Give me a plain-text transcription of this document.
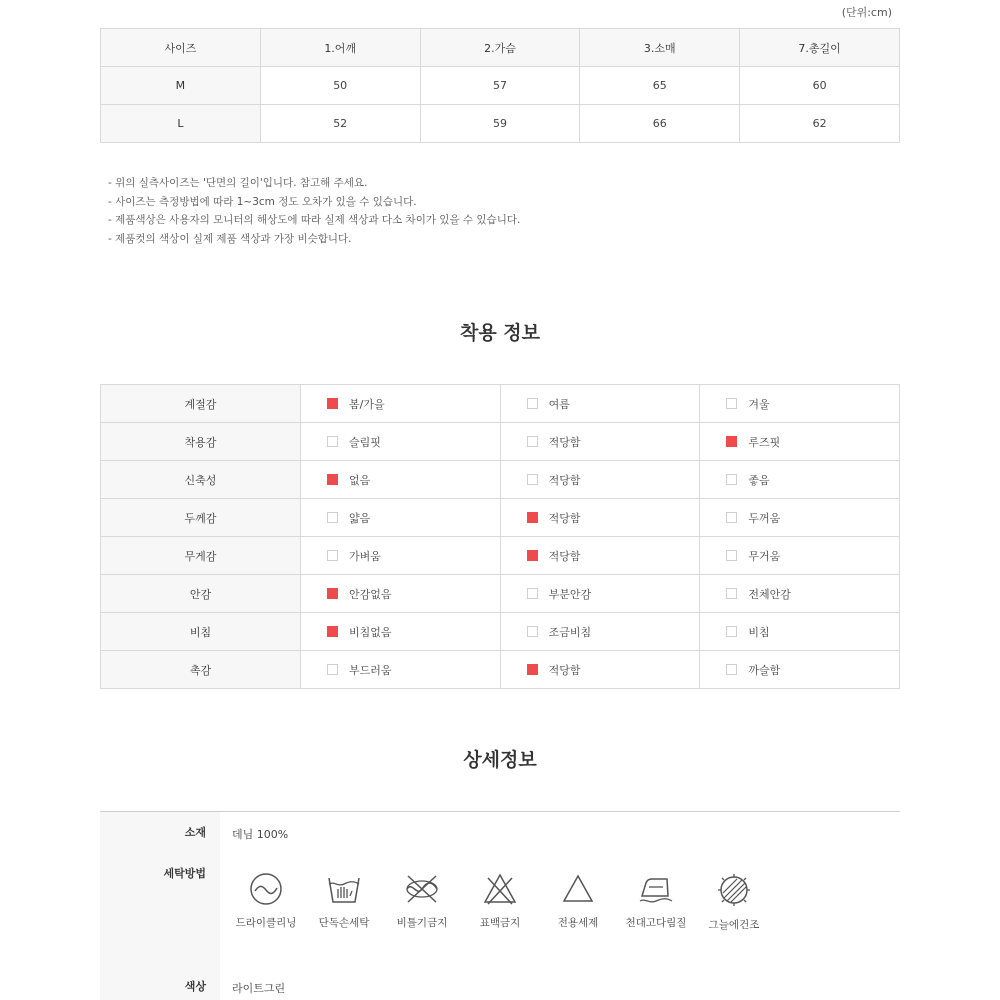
(단위:cm)
사이즈	1.어깨	2.가슴	3.소매	7.총길이
M	50	57	65	60
L	52	59	66	62
- 위의 실측사이즈는 '단면의 길이'입니다. 참고해 주세요.
- 사이즈는 측정방법에 따라 1~3cm 정도 오차가 있을 수 있습니다.
- 제품색상은 사용자의 모니터의 해상도에 따라 실제 색상과 다소 차이가 있을 수 있습니다.
- 제품컷의 색상이 실제 제품 색상과 가장 비슷합니다.
착용 정보
계절감	봄/가을	여름	겨울
착용감	슬림핏	적당함	루즈핏
신축성	없음	적당함	좋음
두께감	얇음	적당함	두꺼움
무게감	가벼움	적당함	무거움
안감	안감없음	부분안감	전체안감
비침	비침없음	조금비침	비침
촉감	부드러움	적당함	까슬함
상세정보
소재 데님 100%
세탁방법
드라이클리닝	단독손세탁	비틀기금지	표백금지	전용세제	천대고다림질	그늘에건조
색상 라이트그린
